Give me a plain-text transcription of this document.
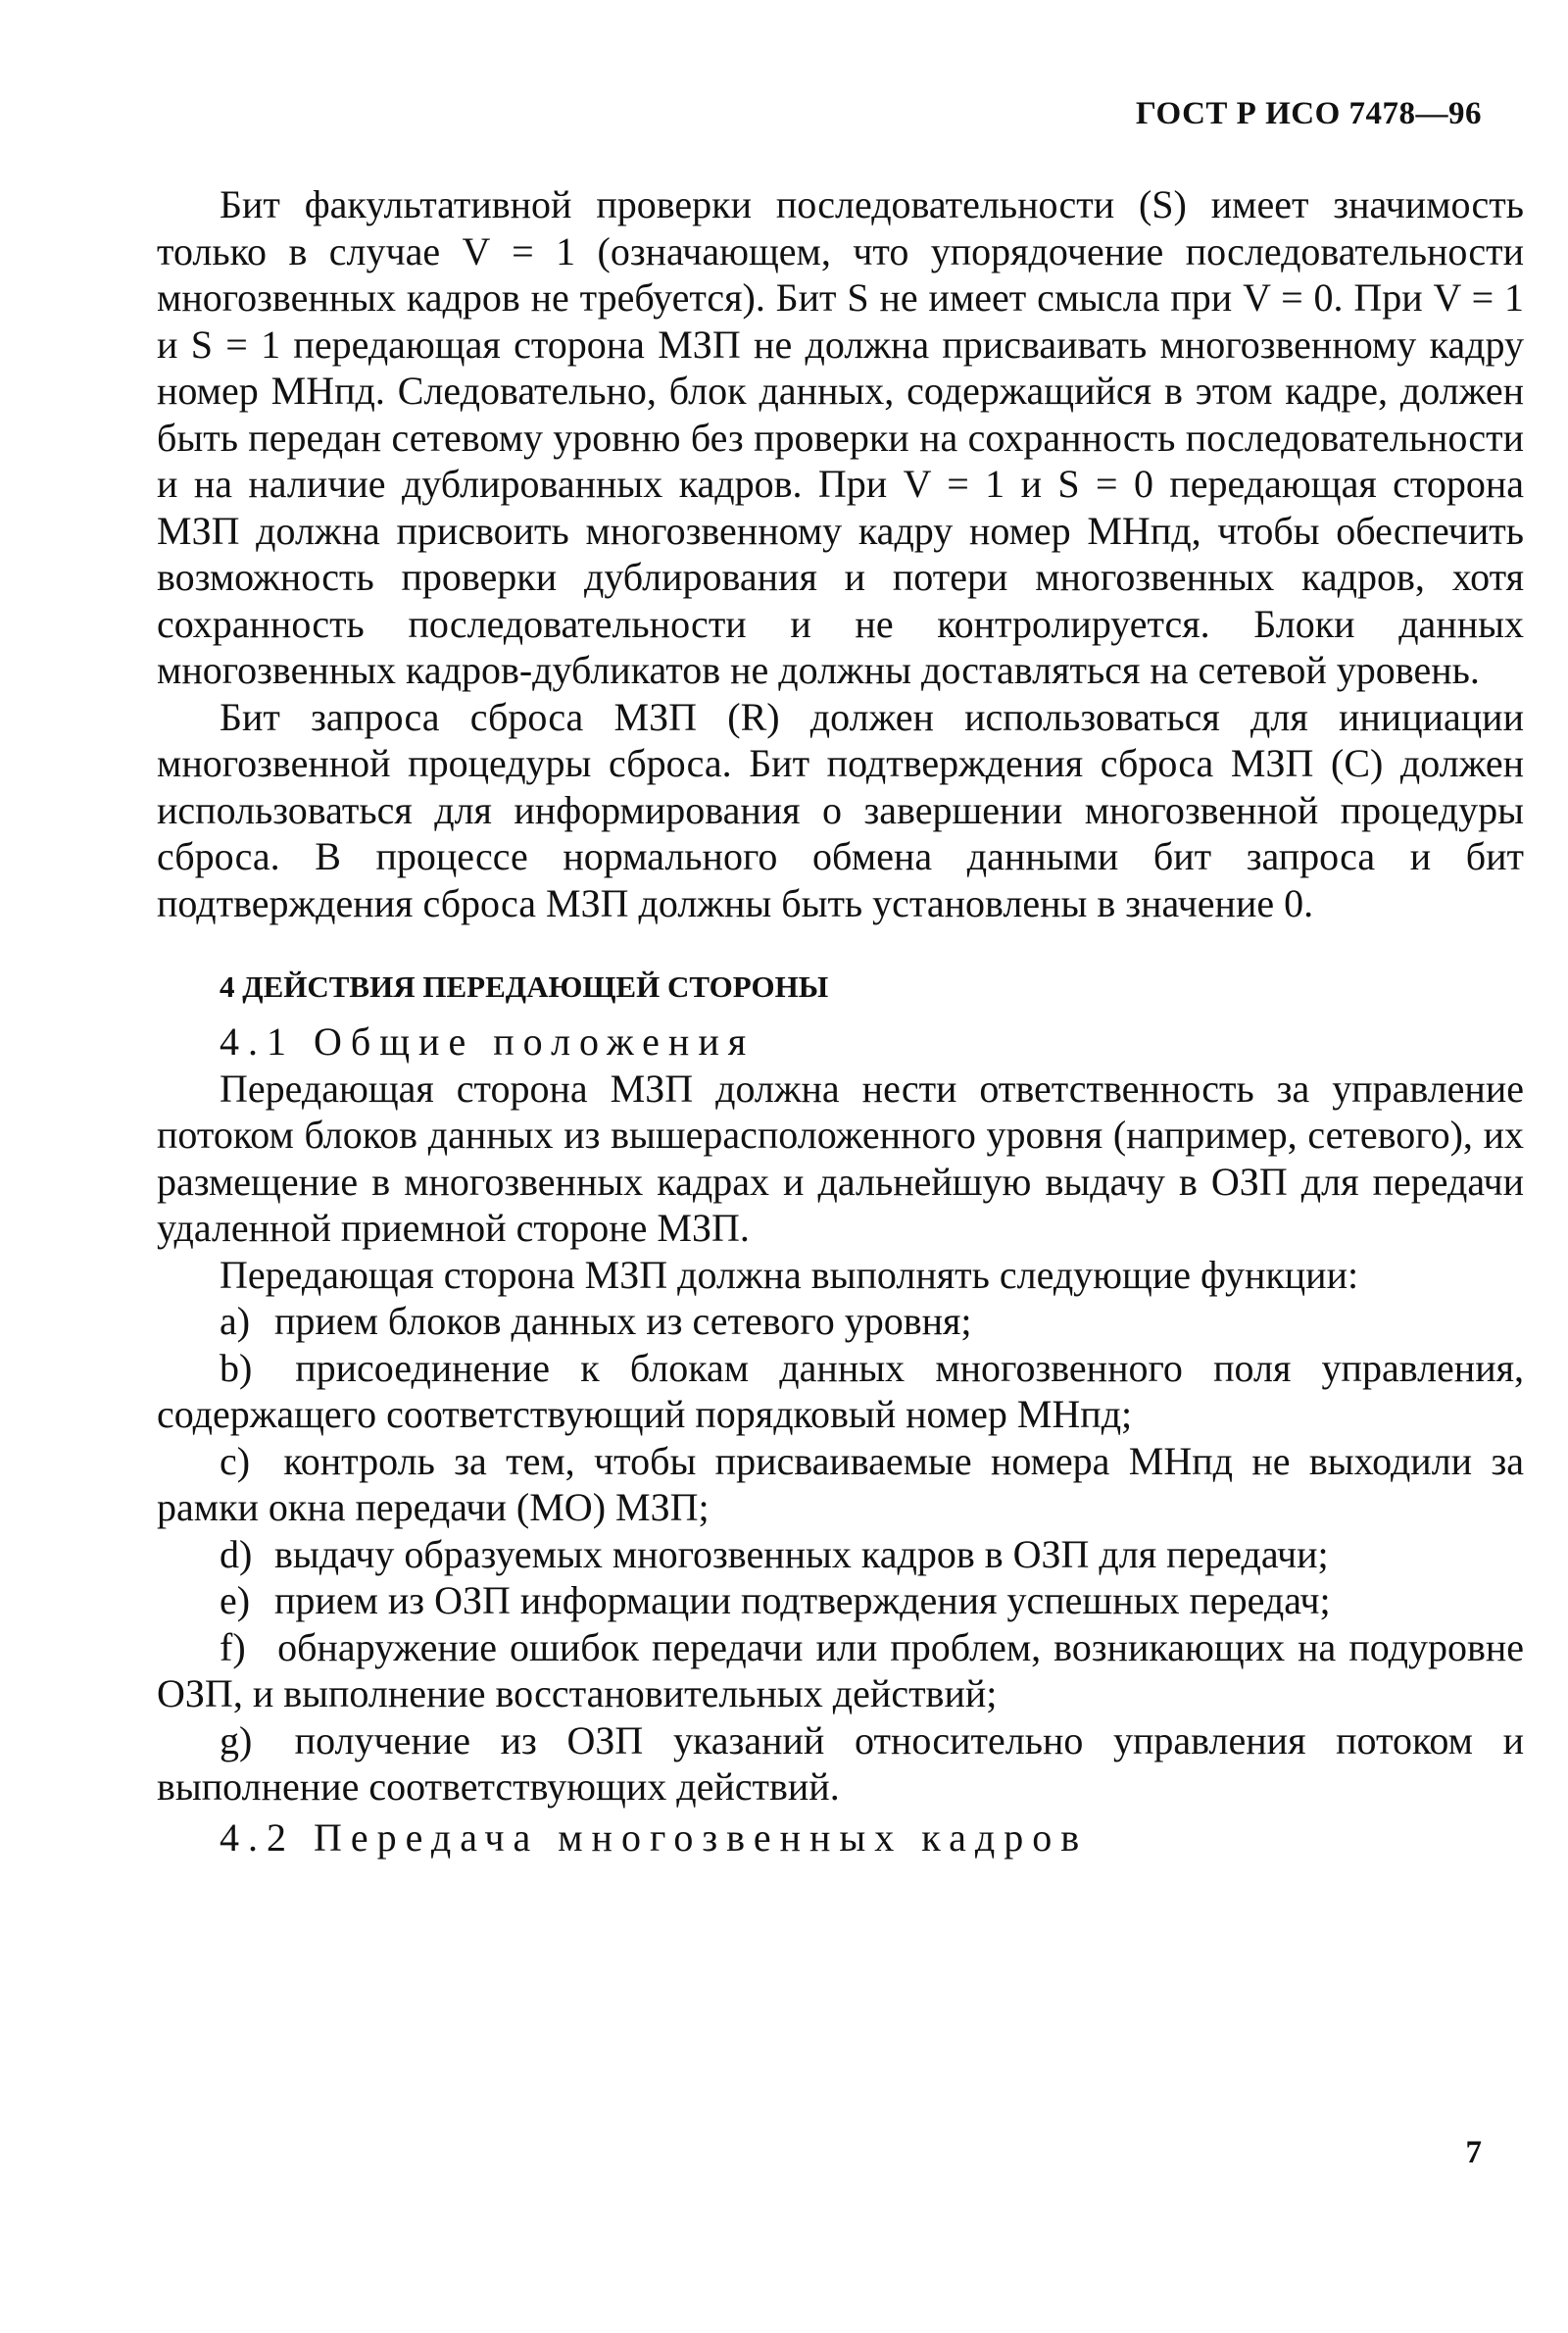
ГОСТ Р ИСО 7478—96

Бит факультативной проверки последовательности (S) имеет значимость только в случае V = 1 (означающем, что упорядочение последовательности многозвенных кадров не требуется). Бит S не имеет смысла при V = 0. При V = 1 и S = 1 передающая сторона МЗП не должна присваивать многозвенному кадру номер МНпд. Следовательно, блок данных, содержащийся в этом кадре, должен быть передан сетевому уровню без проверки на сохранность последовательности и на наличие дублированных кадров. При V = 1 и S = 0 передающая сторона МЗП должна присвоить многозвенному кадру номер МНпд, чтобы обеспечить возможность проверки дублирования и потери многозвенных кадров, хотя сохранность последовательности и не контролируется. Блоки данных многозвенных кадров-дубликатов не должны доставляться на сетевой уровень.

Бит запроса сброса МЗП (R) должен использоваться для инициации многозвенной процедуры сброса. Бит подтверждения сброса МЗП (С) должен использоваться для информирования о завершении многозвенной процедуры сброса. В процессе нормального обмена данными бит запроса и бит подтверждения сброса МЗП должны быть установлены в значение 0.

4 ДЕЙСТВИЯ ПЕРЕДАЮЩЕЙ СТОРОНЫ
4.1 Общие положения

Передающая сторона МЗП должна нести ответственность за управление потоком блоков данных из вышерасположенного уровня (например, сетевого), их размещение в многозвенных кадрах и дальнейшую выдачу в ОЗП для передачи удаленной приемной стороне МЗП.

Передающая сторона МЗП должна выполнять следующие функции:

a) прием блоков данных из сетевого уровня;
b) присоединение к блокам данных многозвенного поля управления, содержащего соответствующий порядковый номер МНпд;
c) контроль за тем, чтобы присваиваемые номера МНпд не выходили за рамки окна передачи (МО) МЗП;
d) выдачу образуемых многозвенных кадров в ОЗП для передачи;
e) прием из ОЗП информации подтверждения успешных передач;
f) обнаружение ошибок передачи или проблем, возникающих на подуровне ОЗП, и выполнение восстановительных действий;
g) получение из ОЗП указаний относительно управления потоком и выполнение соответствующих действий.
4.2 Передача многозвенных кадров
7
